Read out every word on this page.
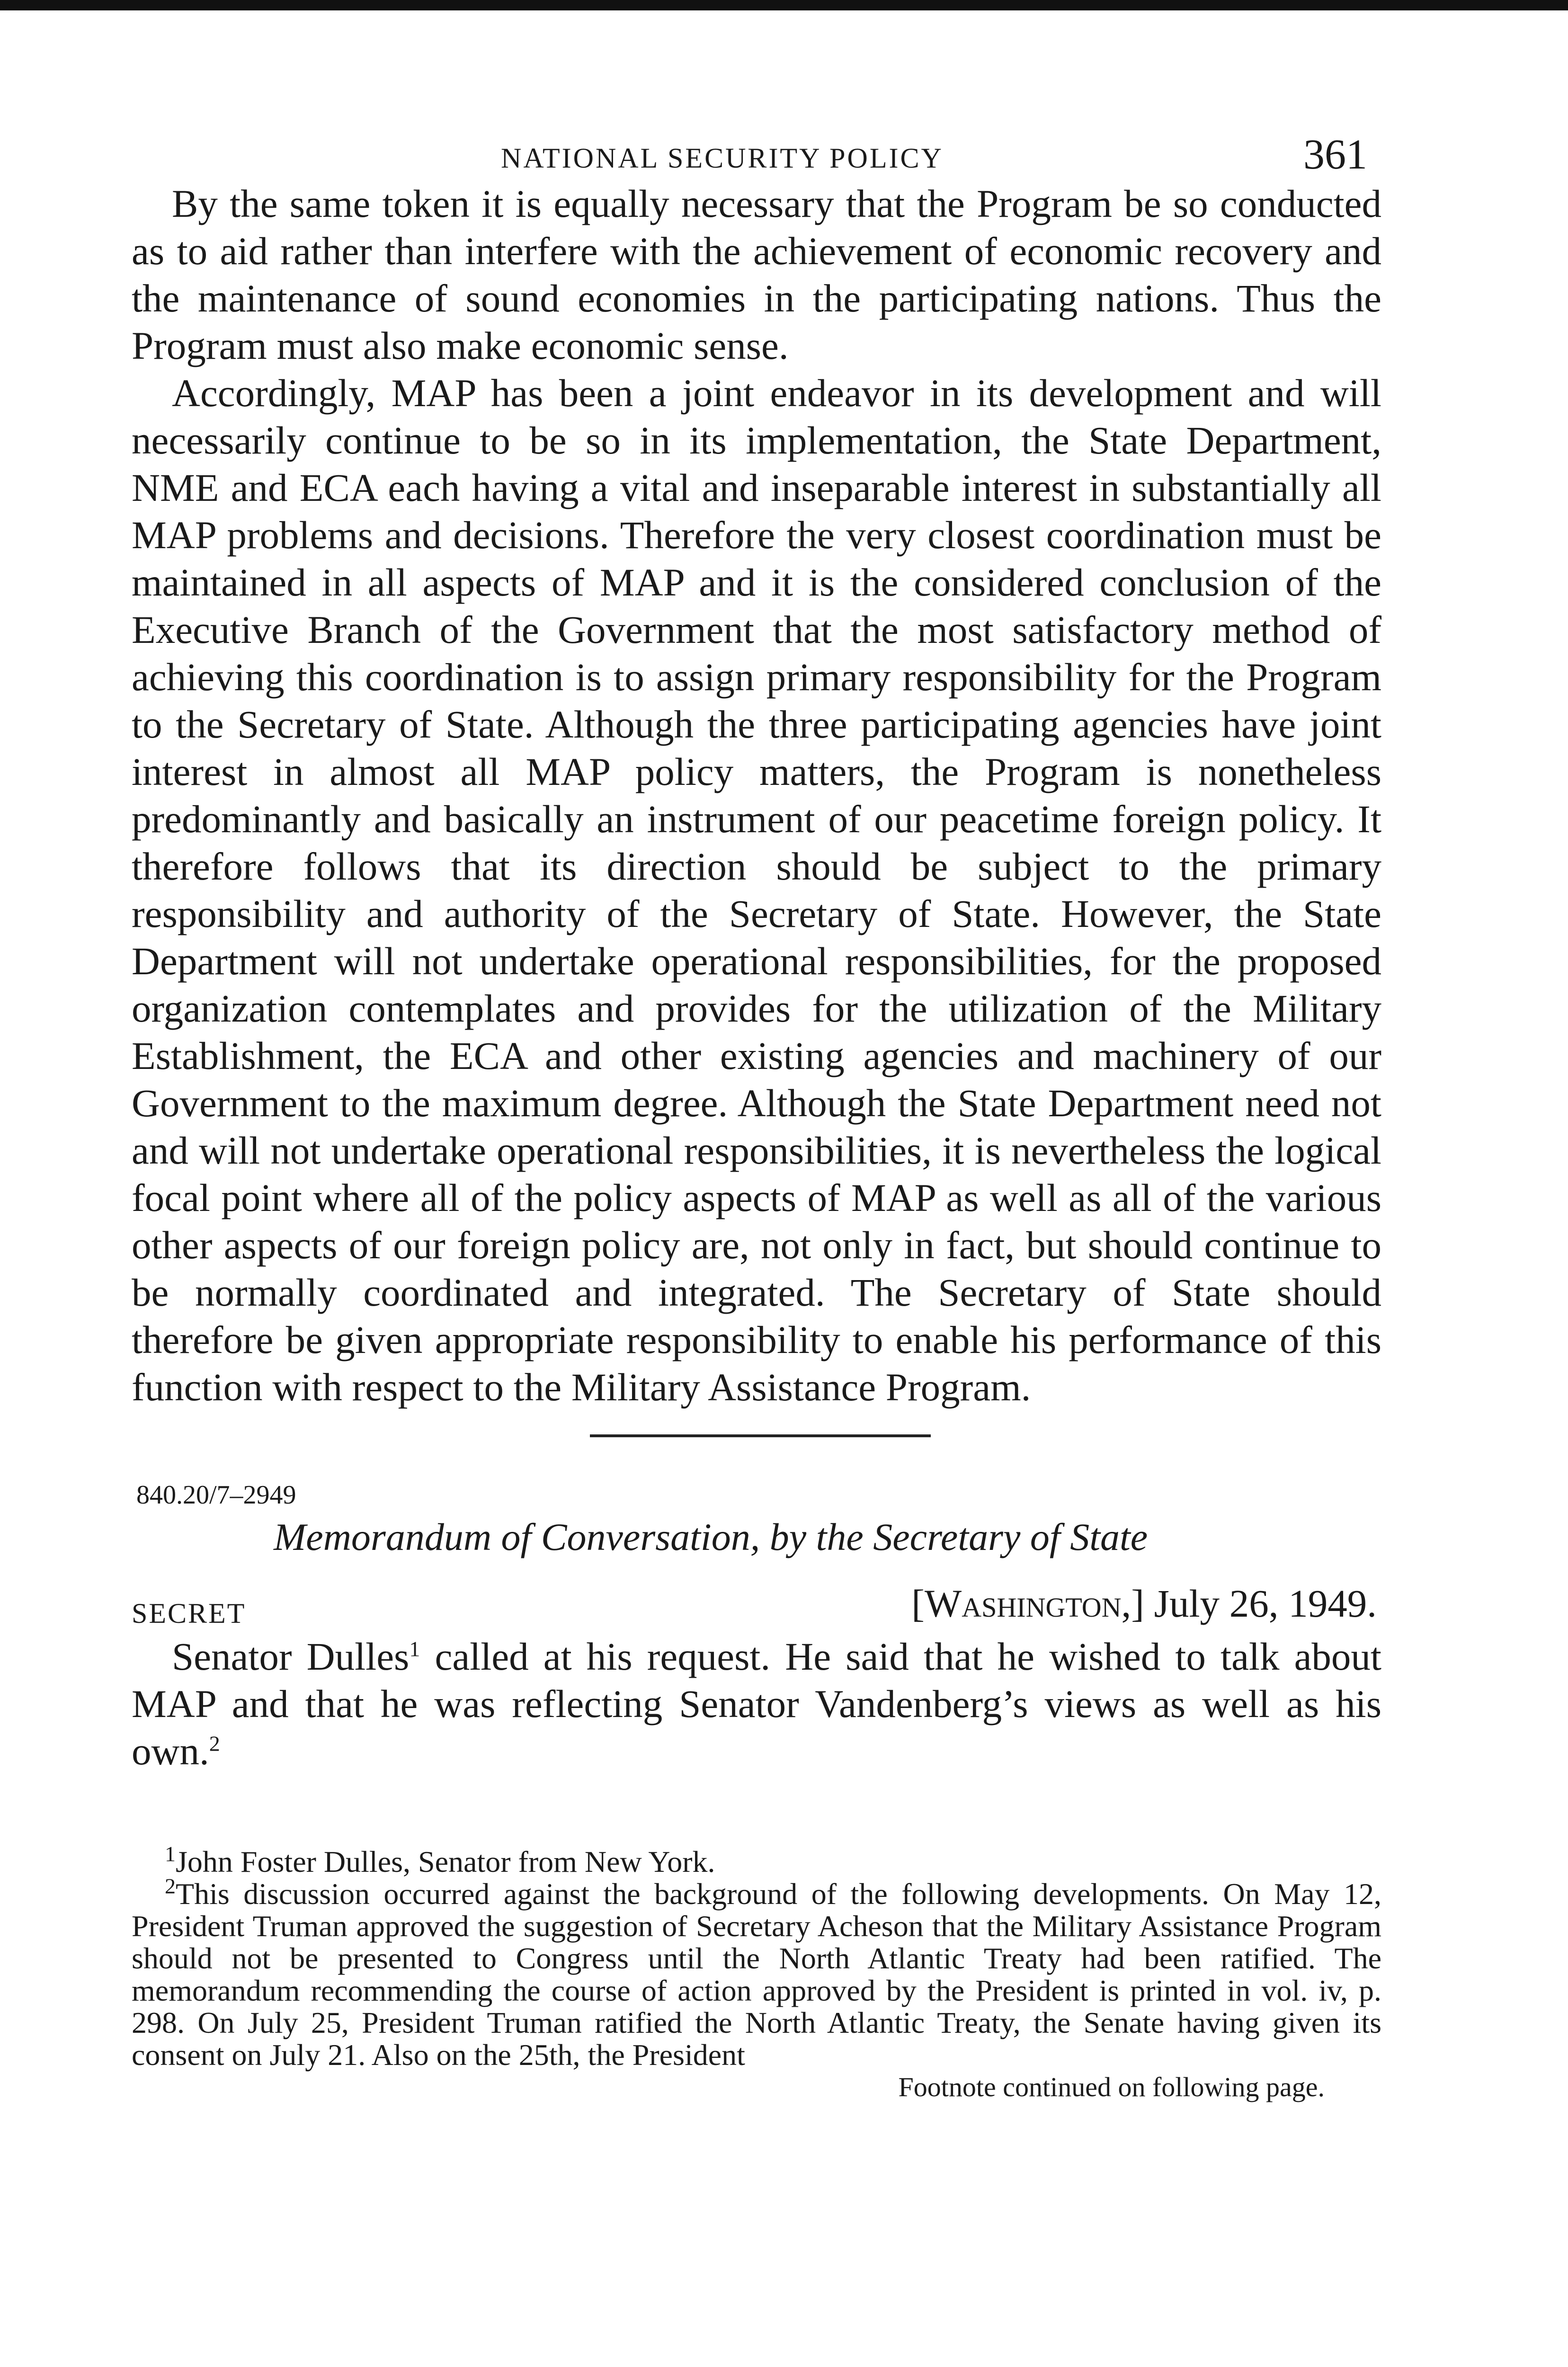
NATIONAL SECURITY POLICY	361

By the same token it is equally necessary that the Program be so conducted as to aid rather than interfere with the achievement of economic recovery and the maintenance of sound economies in the participating nations. Thus the Program must also make economic sense.

Accordingly, MAP has been a joint endeavor in its development and will necessarily continue to be so in its implementation, the State Department, NME and ECA each having a vital and inseparable interest in substantially all MAP problems and decisions. Therefore the very closest coordination must be maintained in all aspects of MAP and it is the considered conclusion of the Executive Branch of the Government that the most satisfactory method of achieving this coordination is to assign primary responsibility for the Program to the Secretary of State. Although the three participating agencies have joint interest in almost all MAP policy matters, the Program is nonetheless predominantly and basically an instrument of our peacetime foreign policy. It therefore follows that its direction should be subject to the primary responsibility and authority of the Secretary of State. However, the State Department will not undertake operational responsibilities, for the proposed organization contemplates and provides for the utilization of the Military Establishment, the ECA and other existing agencies and machinery of our Government to the maximum degree. Although the State Department need not and will not undertake operational responsibilities, it is nevertheless the logical focal point where all of the policy aspects of MAP as well as all of the various other aspects of our foreign policy are, not only in fact, but should continue to be normally coordinated and integrated. The Secretary of State should therefore be given appropriate responsibility to enable his performance of this function with respect to the Military Assistance Program.

840.20/7–2949
Memorandum of Conversation, by the Secretary of State
SECRET	[Washington,] July 26, 1949.

Senator Dulles$^1$ called at his request. He said that he wished to talk about MAP and that he was reflecting Senator Vandenberg’s views as well as his own.$^2$

$^1$John Foster Dulles, Senator from New York.

$^2$This discussion occurred against the background of the following developments. On May 12, President Truman approved the suggestion of Secretary Acheson that the Military Assistance Program should not be presented to Congress until the North Atlantic Treaty had been ratified. The memorandum recommending the course of action approved by the President is printed in vol. iv, p. 298. On July 25, President Truman ratified the North Atlantic Treaty, the Senate having given its consent on July 21. Also on the 25th, the President

Footnote continued on following page.
